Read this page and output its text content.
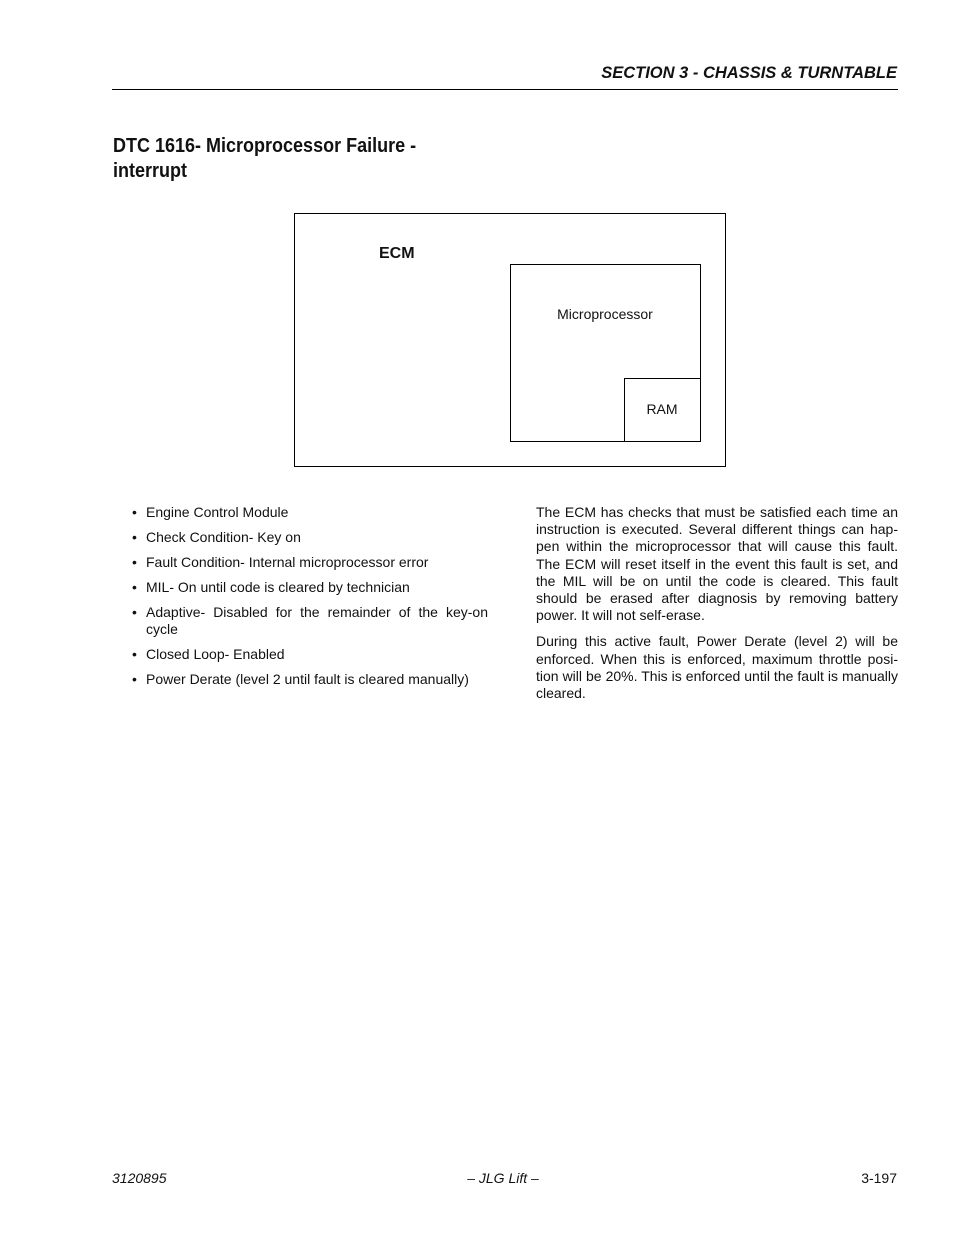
SECTION 3 - CHASSIS & TURNTABLE
DTC 1616- Microprocessor Failure -
interrupt
ECM
Microprocessor
RAM
• Engine Control Module
• Check Condition- Key on
• Fault Condition- Internal microprocessor error
• MIL- On until code is cleared by technician
• Adaptive- Disabled for the remainder of the key-on cycle
• Closed Loop- Enabled
• Power Derate (level 2 until fault is cleared manually)

The ECM has checks that must be satisfied each time an instruction is executed. Several different things can hap-pen within the microprocessor that will cause this fault. The ECM will reset itself in the event this fault is set, and the MIL will be on until the code is cleared. This fault should be erased after diagnosis by removing battery power. It will not self-erase.

During this active fault, Power Derate (level 2) will be enforced. When this is enforced, maximum throttle posi-tion will be 20%. This is enforced until the fault is manually cleared.

3120895	– JLG Lift –	3-197
